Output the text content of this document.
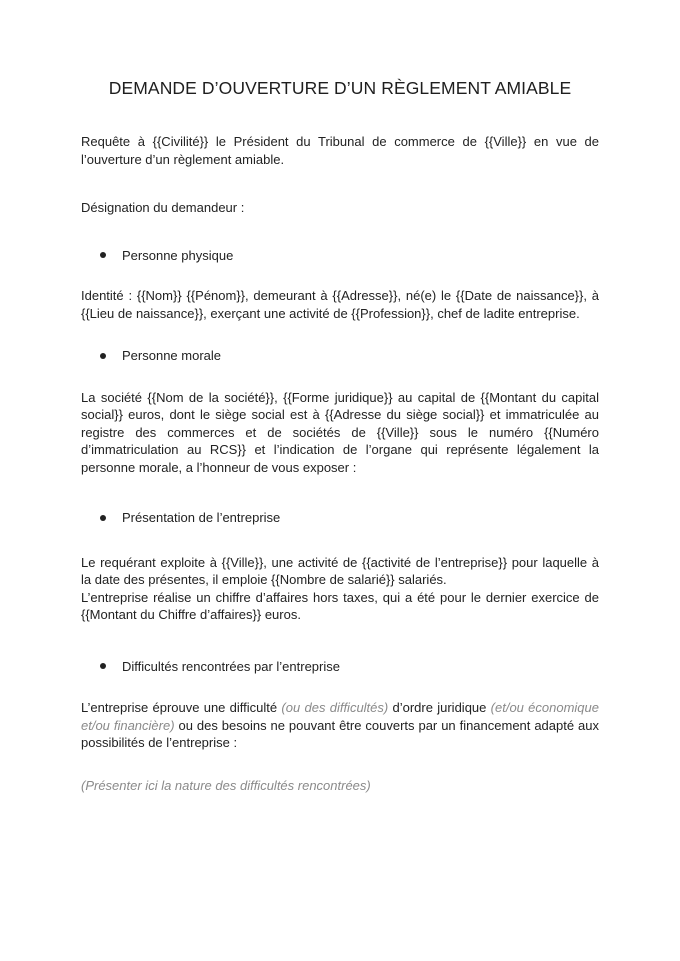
DEMANDE D’OUVERTURE D’UN RÈGLEMENT AMIABLE

Requête à {{Civilité}} le Président du Tribunal de commerce de {{Ville}} en vue de l’ouverture d’un règlement amiable.

Désignation du demandeur :

Personne physique

Identité : {{Nom}} {{Pénom}}, demeurant à {{Adresse}}, né(e) le {{Date de naissance}}, à {{Lieu de naissance}}, exerçant une activité de {{Profession}}, chef de ladite entreprise.

Personne morale

La société {{Nom de la société}}, {{Forme juridique}} au capital de {{Montant du capital social}} euros, dont le siège social est à {{Adresse du siège social}} et immatriculée au registre des commerces et de sociétés de {{Ville}} sous le numéro {{Numéro d’immatriculation au RCS}} et l’indication de l’organe qui représente légalement la personne morale, a l’honneur de vous exposer :

Présentation de l’entreprise

Le requérant exploite à {{Ville}}, une activité de {{activité de l’entreprise}} pour laquelle à la date des présentes, il emploie {{Nombre de salarié}} salariés.

L’entreprise réalise un chiffre d’affaires hors taxes, qui a été pour le dernier exercice de {{Montant du Chiffre d’affaires}} euros.

Difficultés rencontrées par l’entreprise

L’entreprise éprouve une difficulté (ou des difficultés) d’ordre juridique (et/ou économique et/ou financière) ou des besoins ne pouvant être couverts par un financement adapté aux possibilités de l’entreprise :

(Présenter ici la nature des difficultés rencontrées)
